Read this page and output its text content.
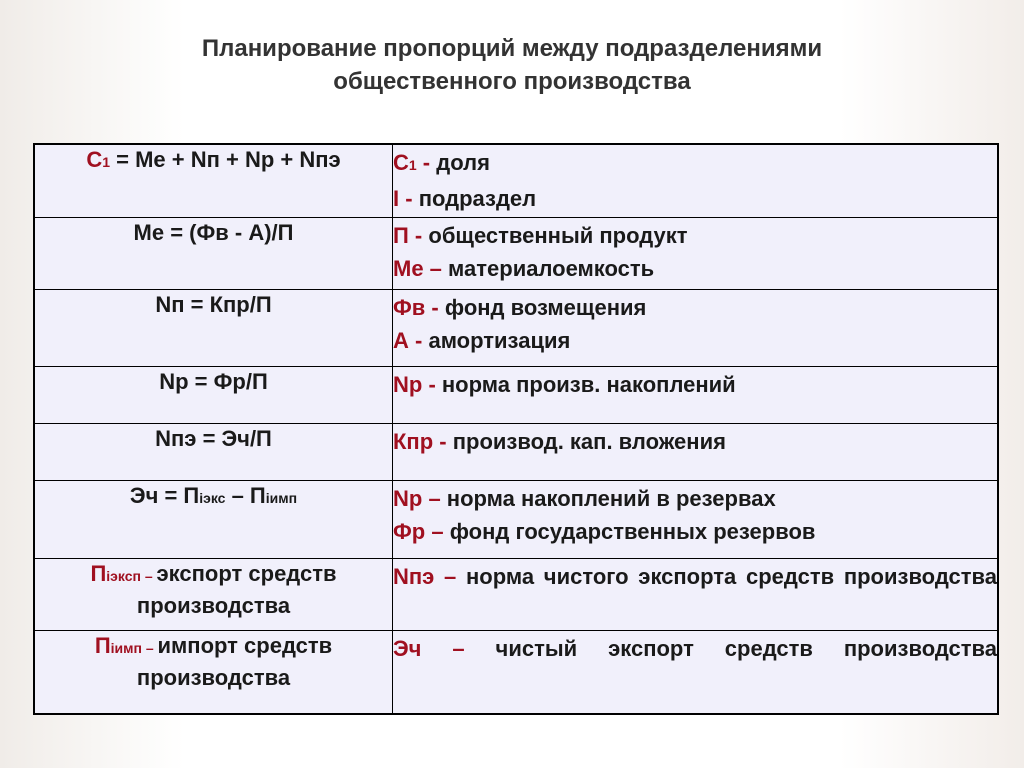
Планирование пропорций между подразделениями
общественного производства
С1 = Ме + Nп + Nр + Nпэ	С1 - доля
I - подраздел

Ме = (Фв - А)/П	П - общественный продукт
Ме – материалоемкость

Nп = Кпр/П	Фв - фонд возмещения
А - амортизация

Nр = Фр/П	Nр - норма произв. накоплений

Nпэ = Эч/П	Кпр - производ. кап. вложения

Эч = Пiэкс – Пiимп	Nр – норма накоплений в резервах
Фр – фонд государственных резервов

Пiэксп – экспорт средств производства	Nпэ – норма чистого экспорта средств производства

Пiимп – импорт средств производства	Эч – чистый экспорт средств производства
